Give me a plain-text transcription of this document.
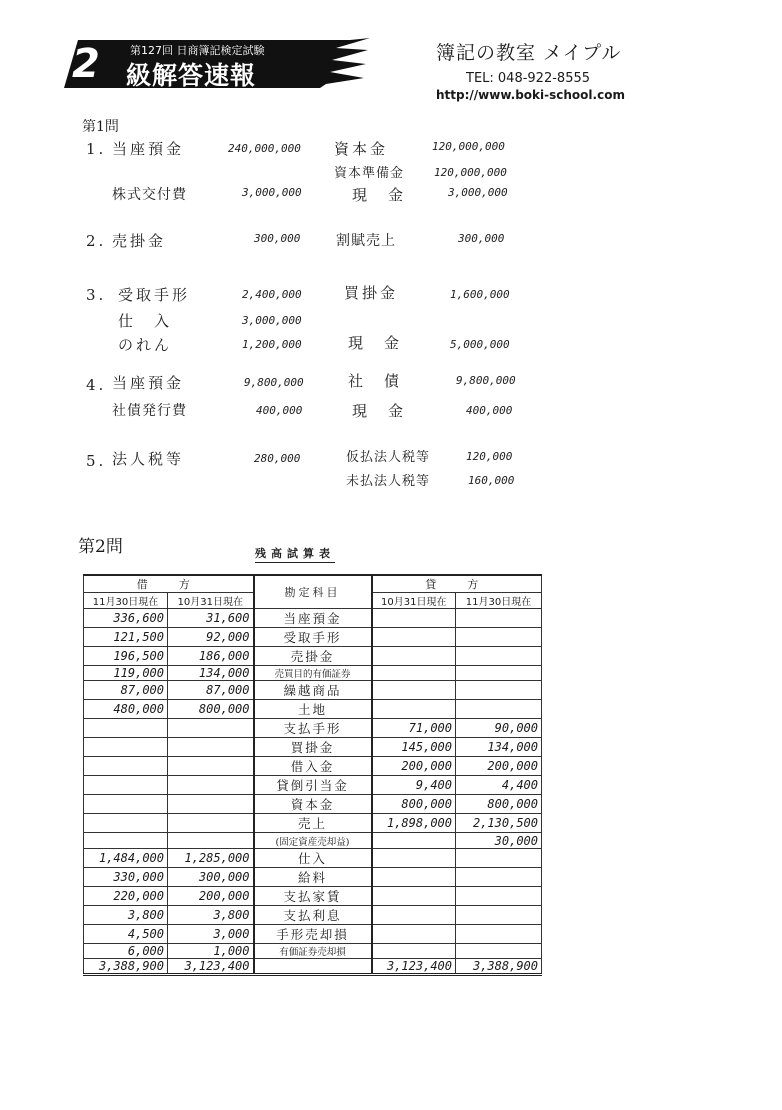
2	第127回 日商簿記検定試験
級解答速報
簿記の教室 メイプル
TEL: 048-922-8555
http://www.boki-school.com
第1問
1. 当座預金	240,000,000 資本金	120,000,000
資本準備金	120,000,000
株式交付費	3,000,000	現　金	3,000,000
2. 売掛金	300,000	割賦売上	300,000
3. 受取手形	2,400,000	買掛金	1,600,000
仕　入	3,000,000
のれん	1,200,000	現　金	5,000,000
4. 当座預金	9,800,000	社　債	9,800,000
社債発行費	400,000	現　金	400,000
5. 法人税等	280,000	仮払法人税等	120,000
未払法人税等	160,000
第2問	残高試算表
借　方		勘定科目	貸　方	
11月30日現在	10月31日現在		10月31日現在	11月30日現在
336,600	31,600	当座預金		
121,500	92,000	受取手形		
196,500	186,000	売掛金		
119,000	134,000	売買目的有価証券		
87,000	87,000	繰越商品		
480,000	800,000	土地		
		支払手形	71,000	90,000
		買掛金	145,000	134,000
		借入金	200,000	200,000
		貸倒引当金	9,400	4,400
		資本金	800,000	800,000
		売上	1,898,000	2,130,500
		(固定資産売却益)		30,000
1,484,000	1,285,000	仕入		
330,000	300,000	給料		
220,000	200,000	支払家賃		
3,800	3,800	支払利息		
4,500	3,000	手形売却損		
6,000	1,000	有価証券売却損		
3,388,900	3,123,400		3,123,400	3,388,900
